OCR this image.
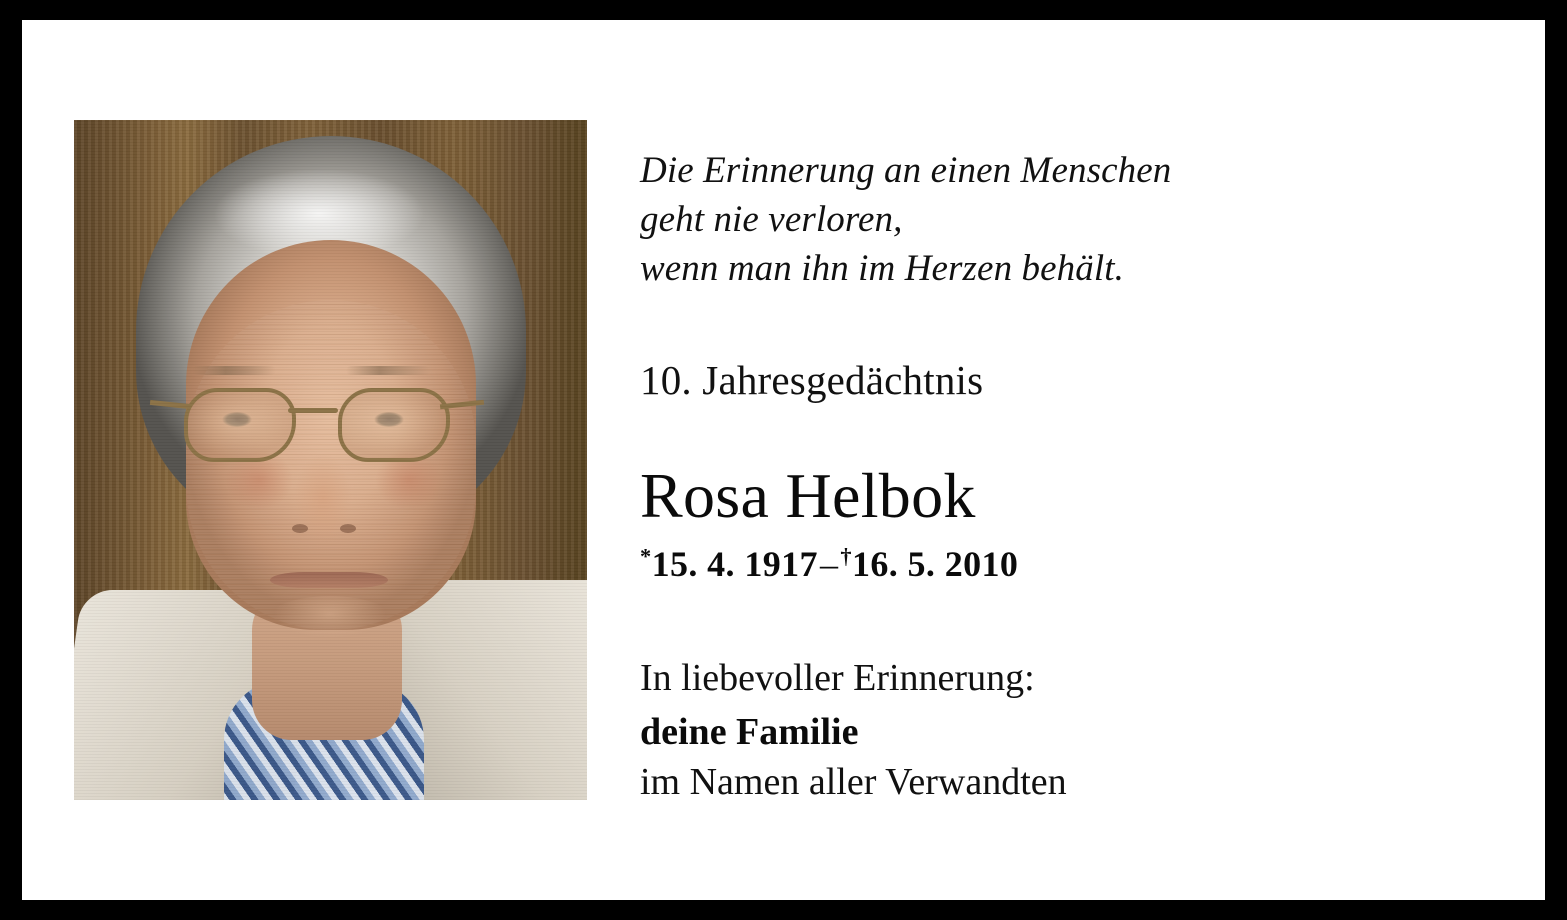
Die Erinnerung an einen Menschen
geht nie verloren,
wenn man ihn im Herzen behält.
10. Jahresgedächtnis
Rosa Helbok
*15. 4. 1917–†16. 5. 2010
In liebevoller Erinnerung:
deine Familie
im Namen aller Verwandten
